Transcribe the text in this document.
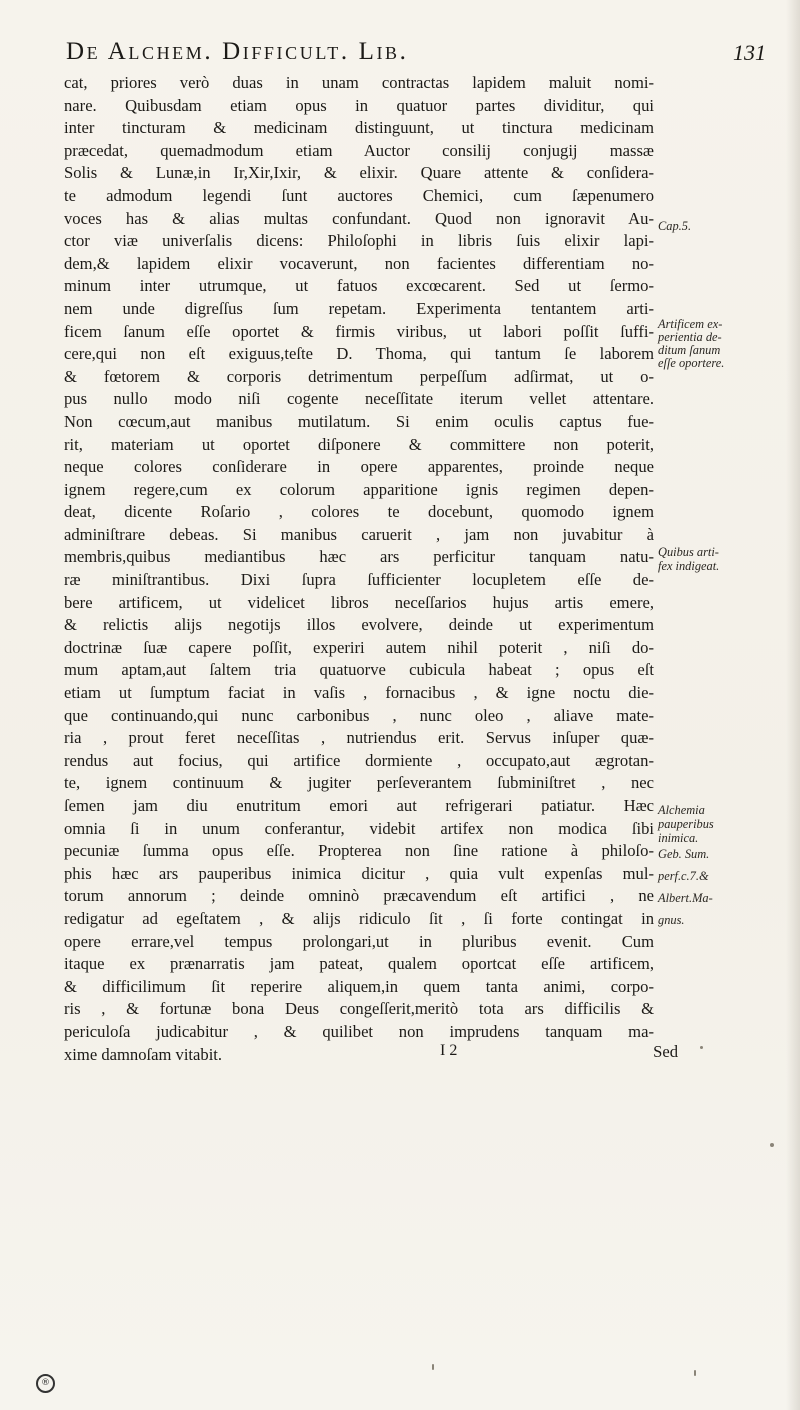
De Alchem. Difficult. Lib.	131
cat, priores verò duas in unam contractas lapidem maluit nomi-
nare. Quibusdam etiam opus in quatuor partes dividitur, qui
inter tincturam & medicinam distinguunt, ut tinctura medicinam
præcedat, quemadmodum etiam Auctor consilij conjugij massæ
Solis & Lunæ,in Ir,Xir,Ixir, & elixir. Quare attente & conſidera-
te admodum legendi ſunt auctores Chemici, cum ſæpenumero
voces has & alias multas confundant. Quod non ignoravit Au-
ctor viæ univerſalis dicens: Philoſophi in libris ſuis elixir lapi-
dem,& lapidem elixir vocaverunt, non facientes differentiam no-
minum inter utrumque, ut fatuos excœcarent. Sed ut ſermo-
nem unde digreſſus ſum repetam. Experimenta tentantem arti-
ficem ſanum eſſe oportet & firmis viribus, ut labori poſſit ſuffi-
cere,qui non eſt exiguus,teſte D. Thoma, qui tantum ſe laborem
& fœtorem & corporis detrimentum perpeſſum adſirmat, ut o-
pus nullo modo niſi cogente neceſſitate iterum vellet attentare.
Non cœcum,aut manibus mutilatum. Si enim oculis captus fue-
rit, materiam ut oportet diſponere & committere non poterit,
neque colores conſiderare in opere apparentes, proinde neque
ignem regere,cum ex colorum apparitione ignis regimen depen-
deat, dicente Roſario , colores te docebunt, quomodo ignem
adminiſtrare debeas. Si manibus caruerit , jam non juvabitur à
membris,quibus mediantibus hæc ars perficitur tanquam natu-
ræ miniſtrantibus. Dixi ſupra ſufficienter locupletem eſſe de-
bere artificem, ut videlicet libros neceſſarios hujus artis emere,
& relictis alijs negotijs illos evolvere, deinde ut experimentum
doctrinæ ſuæ capere poſſit, experiri autem nihil poterit , niſi do-
mum aptam,aut ſaltem tria quatuorve cubicula habeat ; opus eſt
etiam ut ſumptum faciat in vaſis , fornacibus , & igne noctu die-
que continuando,qui nunc carbonibus , nunc oleo , aliave mate-
ria , prout feret neceſſitas , nutriendus erit. Servus inſuper quæ-
rendus aut focius, qui artifice dormiente , occupato,aut ægrotan-
te, ignem continuum & jugiter perſeverantem ſubminiſtret , nec
ſemen jam diu enutritum emori aut refrigerari patiatur. Hæc
omnia ſi in unum conferantur, videbit artifex non modica ſibi
pecuniæ ſumma opus eſſe. Propterea non ſine ratione à philoſo-
phis hæc ars pauperibus inimica dicitur , quia vult expenſas mul-
torum annorum ; deinde omninò præcavendum eſt artifici , ne
redigatur ad egeſtatem , & alijs ridiculo ſit , ſi forte contingat in
opere errare,vel tempus prolongari,ut in pluribus evenit. Cum
itaque ex prænarratis jam pateat, qualem oportcat eſſe artificem,
& difficilimum ſit reperire aliquem,in quem tanta animi, corpo-
ris , & fortunæ bona Deus congeſſerit,meritò tota ars difficilis &
periculoſa judicabitur , & quilibet non imprudens tanquam ma-
xime damnoſam vitabit.
Cap.5.
Artificem ex-
perientia de-
ditum ſanum
eſſe oportere.
Quibus arti-
fex indigeat.
Alchemia
pauperibus
inimica.
Geb. Sum.
perf.c.7.&
Albert.Ma-
gnus.
I 2	Sed
®
